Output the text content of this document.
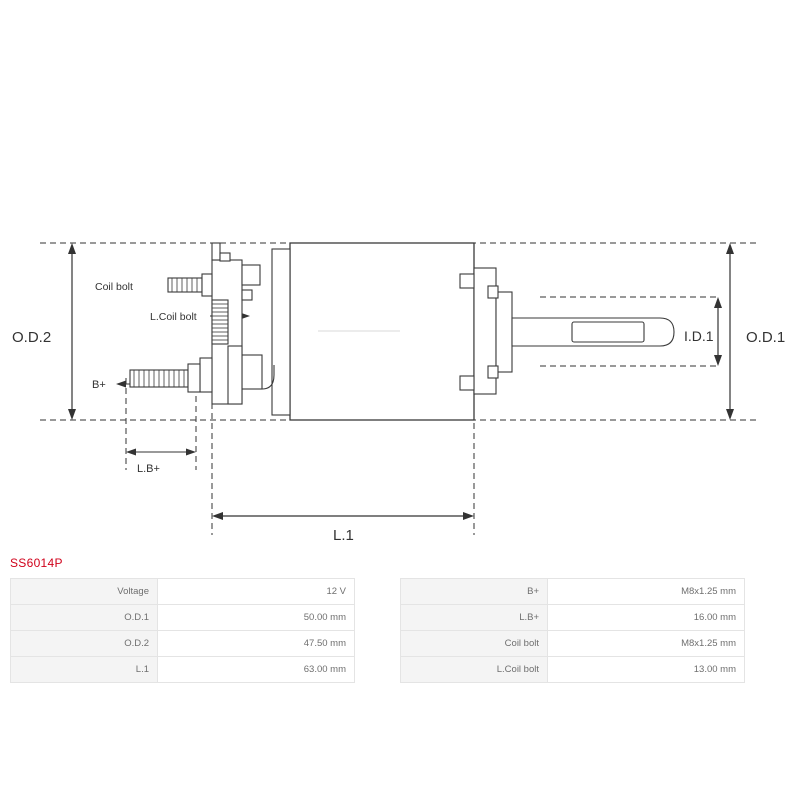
O.D.2	O.D.1
I.D.1
L.1
L.B+
B+
Coil bolt
L.Coil bolt
SS6014P
Voltage	12 V
O.D.1	50.00 mm
O.D.2	47.50 mm
L.1	63.00 mm
B+	M8x1.25 mm
L.B+	16.00 mm
Coil bolt	M8x1.25 mm
L.Coil bolt	13.00 mm
